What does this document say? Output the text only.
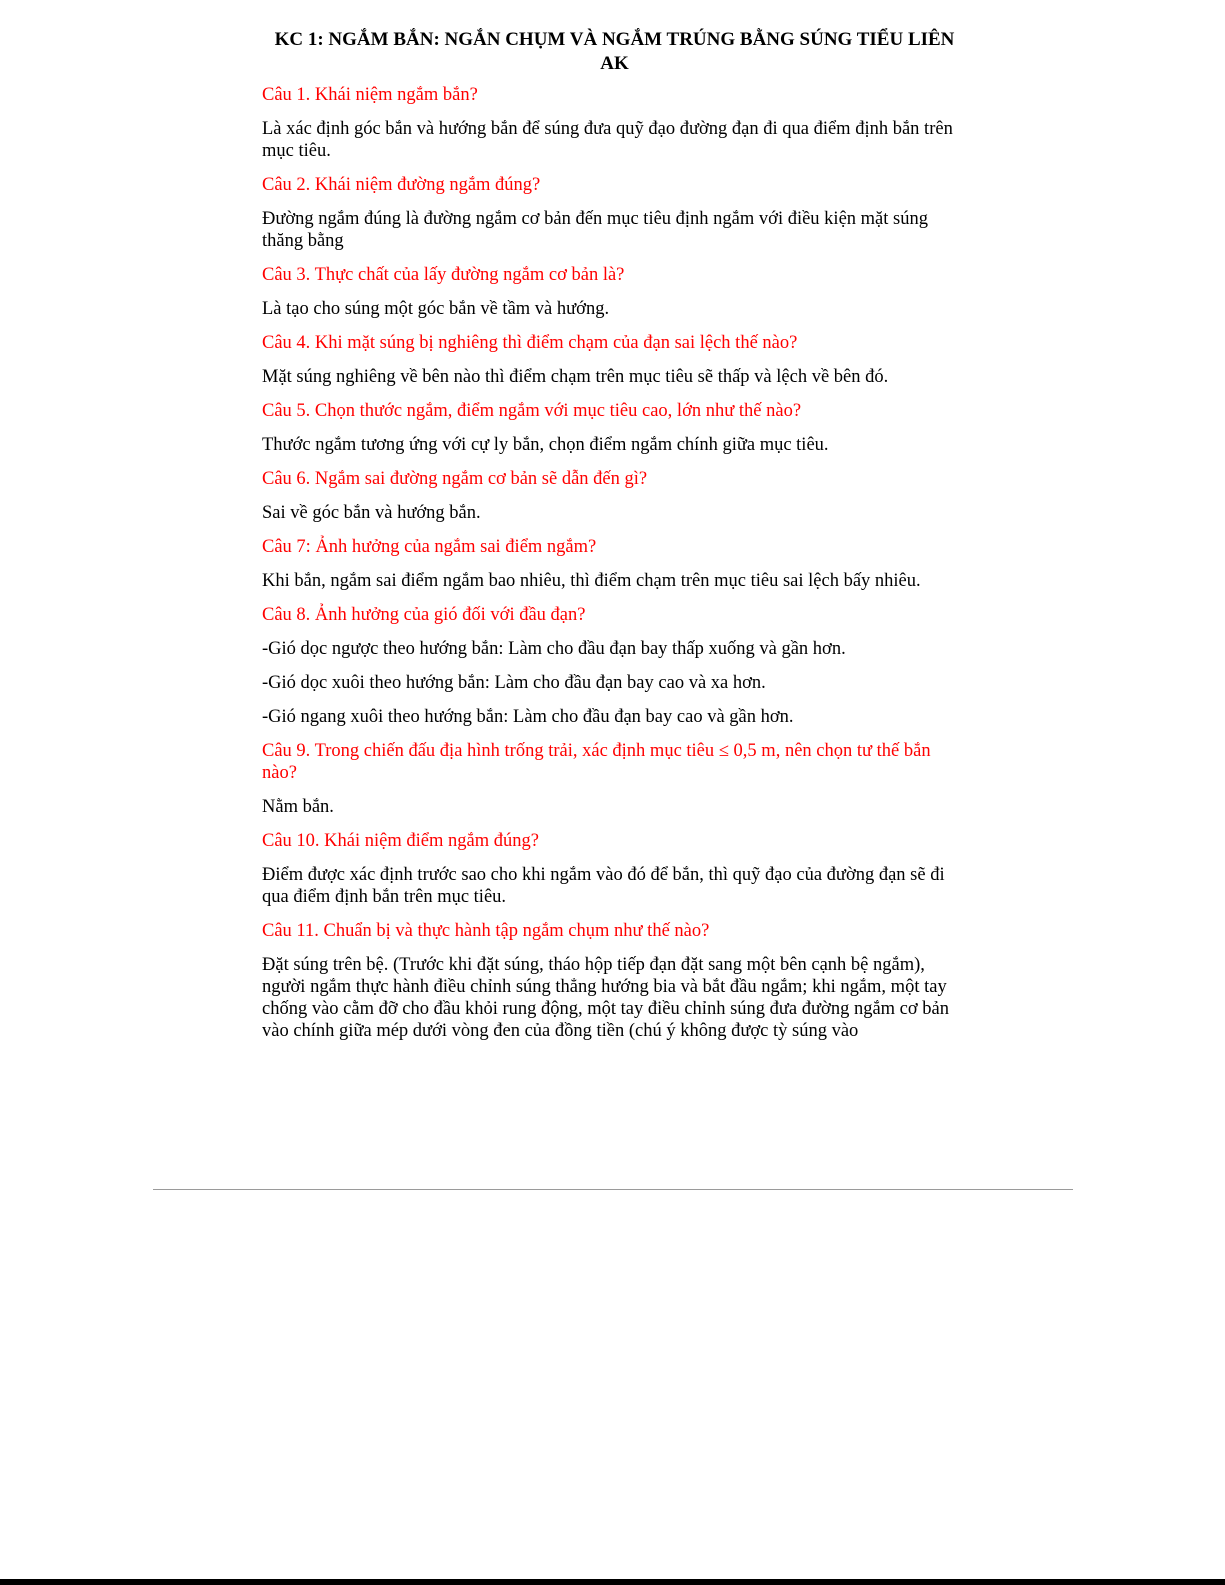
KC 1: NGẮM BẮN: NGẮN CHỤM VÀ NGẮM TRÚNG BẰNG SÚNG TIỂU LIÊN AK
Câu 1. Khái niệm ngắm bắn?
Là xác định góc bắn và hướng bắn để súng đưa quỹ đạo đường đạn đi qua điểm định bắn trên mục tiêu.
Câu 2. Khái niệm đường ngắm đúng?
Đường ngắm đúng là đường ngắm cơ bản đến mục tiêu định ngắm với điều kiện mặt súng thăng bằng
Câu 3. Thực chất của lấy đường ngắm cơ bản là?
Là tạo cho súng một góc bắn về tầm và hướng.
Câu 4. Khi mặt súng bị nghiêng thì điểm chạm của đạn sai lệch thế nào?
Mặt súng nghiêng về bên nào thì điểm chạm trên mục tiêu sẽ thấp và lệch về bên đó.
Câu 5. Chọn thước ngắm, điểm ngắm với mục tiêu cao, lớn như thế nào?
Thước ngắm tương ứng với cự ly bắn, chọn điểm ngắm chính giữa mục tiêu.
Câu 6. Ngắm sai đường ngắm cơ bản sẽ dẫn đến gì?
Sai về góc bắn và hướng bắn.
Câu 7: Ảnh hưởng của ngắm sai điểm ngắm?
Khi bắn, ngắm sai điểm ngắm bao nhiêu, thì điểm chạm trên mục tiêu sai lệch bấy nhiêu.
Câu 8. Ảnh hưởng của gió đối với đầu đạn?
-Gió dọc ngược theo hướng bắn: Làm cho đầu đạn bay thấp xuống và gần hơn.
-Gió dọc xuôi theo hướng bắn: Làm cho đầu đạn bay cao và xa hơn.
-Gió ngang xuôi theo hướng bắn: Làm cho đầu đạn bay cao và gần hơn.
Câu 9. Trong chiến đấu địa hình trống trải, xác định mục tiêu ≤ 0,5 m, nên chọn tư thế bắn nào?
Nằm bắn.
Câu 10. Khái niệm điểm ngắm đúng?
Điểm được xác định trước sao cho khi ngắm vào đó để bắn, thì quỹ đạo của đường đạn sẽ đi qua điểm định bắn trên mục tiêu.
Câu 11. Chuẩn bị và thực hành tập ngắm chụm như thế nào?
Đặt súng trên bệ. (Trước khi đặt súng, tháo hộp tiếp đạn đặt sang một bên cạnh bệ ngắm), người ngắm thực hành điều chỉnh súng thẳng hướng bia và bắt đầu ngắm; khi ngắm, một tay chống vào cằm đỡ cho đầu khỏi rung động, một tay điều chỉnh súng đưa đường ngắm cơ bản vào chính giữa mép dưới vòng đen của đồng tiền (chú ý không được tỳ súng vào
